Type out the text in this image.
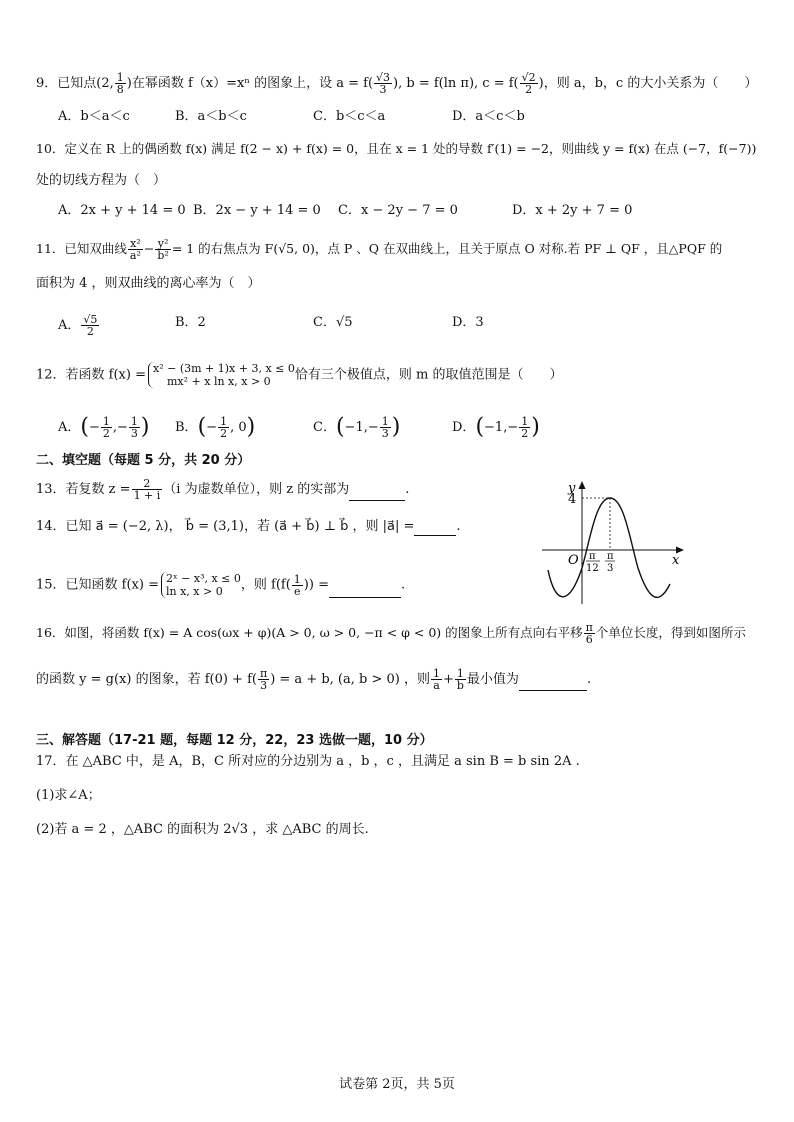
9．已知点(2, $\frac{1}{8}$ )在幂函数 f（x）=xⁿ 的图象上，设 $a = f( \frac{√3}{3}$ ), b = f(ln π), $c = f( \frac{√2}{2}$ )，则 a，b，c 的大小关系为（　　）
A．b＜a＜c	B．a＜b＜c	C．b＜c＜a	D．a＜c＜b
10．定义在 R 上的偶函数 f(x) 满足 f(2 − x) + f(x) = 0，且在 x = 1 处的导数 f′(1) = −2，则曲线 y = f(x) 在点 (−7，f(−7))
处的切线方程为（　）
A．2x + y + 14 = 0 B．2x − y + 14 = 0 C．x − 2y − 7 = 0	D．x + 2y + 7 = 0
11．已知双曲线 $\frac{\text{x²}}{\text{a²}} - \frac{\text{y²}}{\text{b²}} = 1$ 的右焦点为 F(√5, 0)，点 P 、Q 在双曲线上，且关于原点 O 对称.若 PF ⊥ QF ，且△PQF 的
面积为 4 ，则双曲线的离心率为（　）
A． $\frac{√5}{2}$	B．2	C．√5	D．3
12．若函数 f(x) = x² − (3m + 1)x + 3, x ≤ 0
mx² + x ln x, x > 0	恰有三个极值点，则 m 的取值范围是（　　）
A．(− $\frac{1}{2}$ ,− $\frac{1}{3}$ ) B．(− $\frac{1}{2}$ , 0)	C．($-1,- \frac{1}{3}$ )	D．($-1,- \frac{1}{2}$ )
二、填空题（每题 5 分，共 20 分）
13．若复数 $z = \frac{2}{1 + i} (i$ 为虚数单位），则 z 的实部为	.
14．已知 a⃗ = (−2, λ)， b⃗ = (3,1)，若 (a⃗ + b⃗) ⊥ b⃗ ，则 |a⃗| =	.
15．已知函数 f(x) = 2ˣ − x³, x ≤ 0
ln x, x > 0	，则 $f(f( \frac{1}{e}$ )) =	.
y
x
O
4
π
12
π
3
16．如图，将函数 f(x) = A cos(ωx + φ)(A > 0, ω > 0, −π < φ < 0) 的图象上所有点向右平移 $\frac{\pi}{6}$ 个单位长度，得到如图所示
的函数 y = g(x) 的图象，若 $f(0) + f( \frac{\pi}{3}$ ) = a + b, (a, b > 0) ，则 $\frac{1}{a} + \frac{1}{b}$ 最小值为	.
三、解答题（17-21 题，每题 12 分，22，23 选做一题，10 分）
17．在 △ABC 中，是 A，B，C 所对应的分边别为 a ，b ，c ，且满足 a sin B = b sin 2A .
(1)求∠A；
(2)若 a = 2 ，△ABC 的面积为 2√3 ，求 △ABC 的周长.
试卷第 2页，共 5页
